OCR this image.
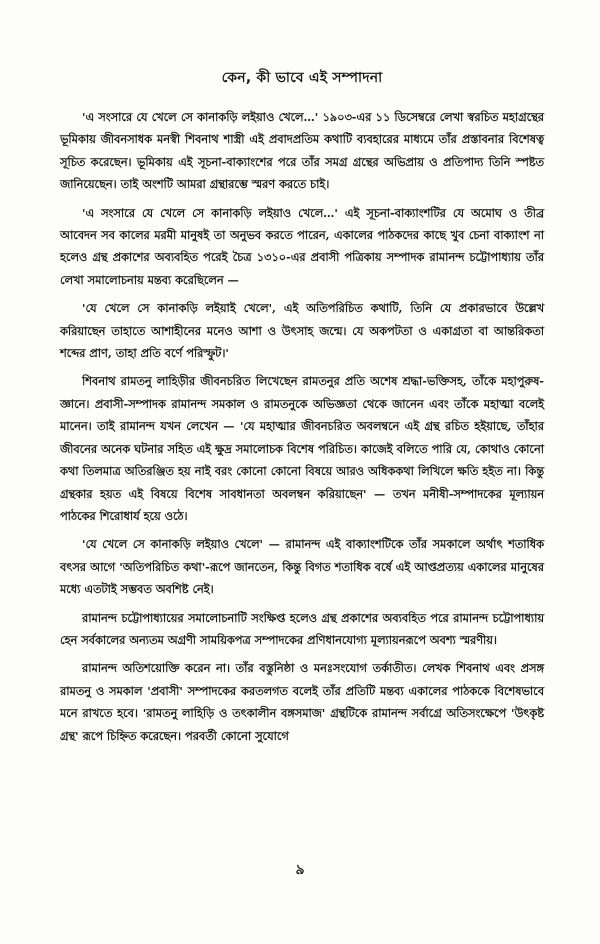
কেন, কী ভাবে এই সম্পাদনা

'এ সংসারে যে খেলে সে কানাকড়ি লইয়াও খেলে…' ১৯০৩-এর ১১ ডিসেম্বরে লেখা স্বরচিত মহাগ্রন্থের ভূমিকায় জীবনসাধক মনস্বী শিবনাথ শাস্ত্রী এই প্রবাদপ্রতিম কথাটি ব্যবহারের মাধ্যমে তাঁর প্রস্তাবনার বিশেষত্ব সূচিত করেছেন। ভূমিকায় এই সূচনা-বাক্যাংশের পরে তাঁর সমগ্র গ্রন্থের অভিপ্রায় ও প্রতিপাদ্য তিনি স্পষ্টত জানিয়েছেন। তাই অংশটি আমরা গ্রন্থারম্ভে স্মরণ করতে চাই।

'এ সংসারে যে খেলে সে কানাকড়ি লইয়াও খেলে…' এই সূচনা-বাক্যাংশটির যে অমোঘ ও তীব্র আবেদন সব কালের মরমী মানুষই তা অনুভব করতে পারেন, একালের পাঠকদের কাছে খুব চেনা বাক্যাংশ না হলেও গ্রন্থ প্রকাশের অব্যবহিত পরেই চৈত্র ১৩১০-এর প্রবাসী পত্রিকায় সম্পাদক রামানন্দ চট্টোপাধ্যায় তাঁর লেখা সমালোচনায় মন্তব্য করেছিলেন —

'যে খেলে সে কানাকড়ি লইয়াই খেলে', এই অতিপরিচিত কথাটি, তিনি যে প্রকারভাবে উল্লেখ করিয়াছেন তাহাতে আশাহীনের মনেও আশা ও উৎসাহ জন্মে। যে অকপটতা ও একাগ্রতা বা আন্তরিকতা শব্দের প্রাণ, তাহা প্রতি বর্ণে পরিস্ফুট।'

শিবনাথ রামতনু লাহিড়ীর জীবনচরিত লিখেছেন রামতনুর প্রতি অশেষ শ্রদ্ধা-ভক্তিসহ, তাঁকে মহাপুরুষ-জ্ঞানে। প্রবাসী-সম্পাদক রামানন্দ সমকাল ও রামতনুকে অভিজ্ঞতা থেকে জানেন এবং তাঁকে মহাত্মা বলেই মানেন। তাই রামানন্দ যখন লেখেন — 'যে মহাত্মার জীবনচরিত অবলম্বনে এই গ্রন্থ রচিত হইয়াছে, তাঁহার জীবনের অনেক ঘটনার সহিত এই ক্ষুদ্র সমালোচক বিশেষ পরিচিত। কাজেই বলিতে পারি যে, কোথাও কোনো কথা তিলমাত্র অতিরঞ্জিত হয় নাই বরং কোনো কোনো বিষয়ে আরও অধিককথা লিখিলে ক্ষতি হইত না। কিন্তু গ্রন্থকার হয়ত এই বিষয়ে বিশেষ সাবধানতা অবলম্বন করিয়াছেন' — তখন মনীষী-সম্পাদকের মূল্যায়ন পাঠকের শিরোধার্য হয়ে ওঠে।

'যে খেলে সে কানাকড়ি লইয়াও খেলে' — রামানন্দ এই বাক্যাংশটিকে তাঁর সমকালে অর্থাৎ শতাধিক বৎসর আগে 'অতিপরিচিত কথা'-রূপে জানতেন, কিন্তু বিগত শতাধিক বর্ষে এই আপ্তপ্রত্যয় একালের মানুষের মধ্যে এতটাই সম্ভবত অবশিষ্ট নেই।

রামানন্দ চট্টোপাধ্যায়ের সমালোচনাটি সংক্ষিপ্ত হলেও গ্রন্থ প্রকাশের অব্যবহিত পরে রামানন্দ চট্টোপাধ্যায় হেন সর্বকালের অন্যতম অগ্রণী সাময়িকপত্র সম্পাদকের প্রণিধানযোগ্য মূল্যায়নরূপে অবশ্য স্মরণীয়।

রামানন্দ অতিশয়োক্তি করেন না। তাঁর বস্তুনিষ্ঠা ও মনঃসংযোগ তর্কাতীত। লেখক শিবনাথ এবং প্রসঙ্গ রামতনু ও সমকাল 'প্রবাসী' সম্পাদকের করতলগত বলেই তাঁর প্রতিটি মন্তব্য একালের পাঠককে বিশেষভাবে মনে রাখতে হবে। 'রামতনু লাহিড়ি ও তৎকালীন বঙ্গসমাজ' গ্রন্থটিকে রামানন্দ সর্বাগ্রে অতিসংক্ষেপে 'উৎকৃষ্ট গ্রন্থ' রূপে চিহ্নিত করেছেন। পরবর্তী কোনো সুযোগে

৯
